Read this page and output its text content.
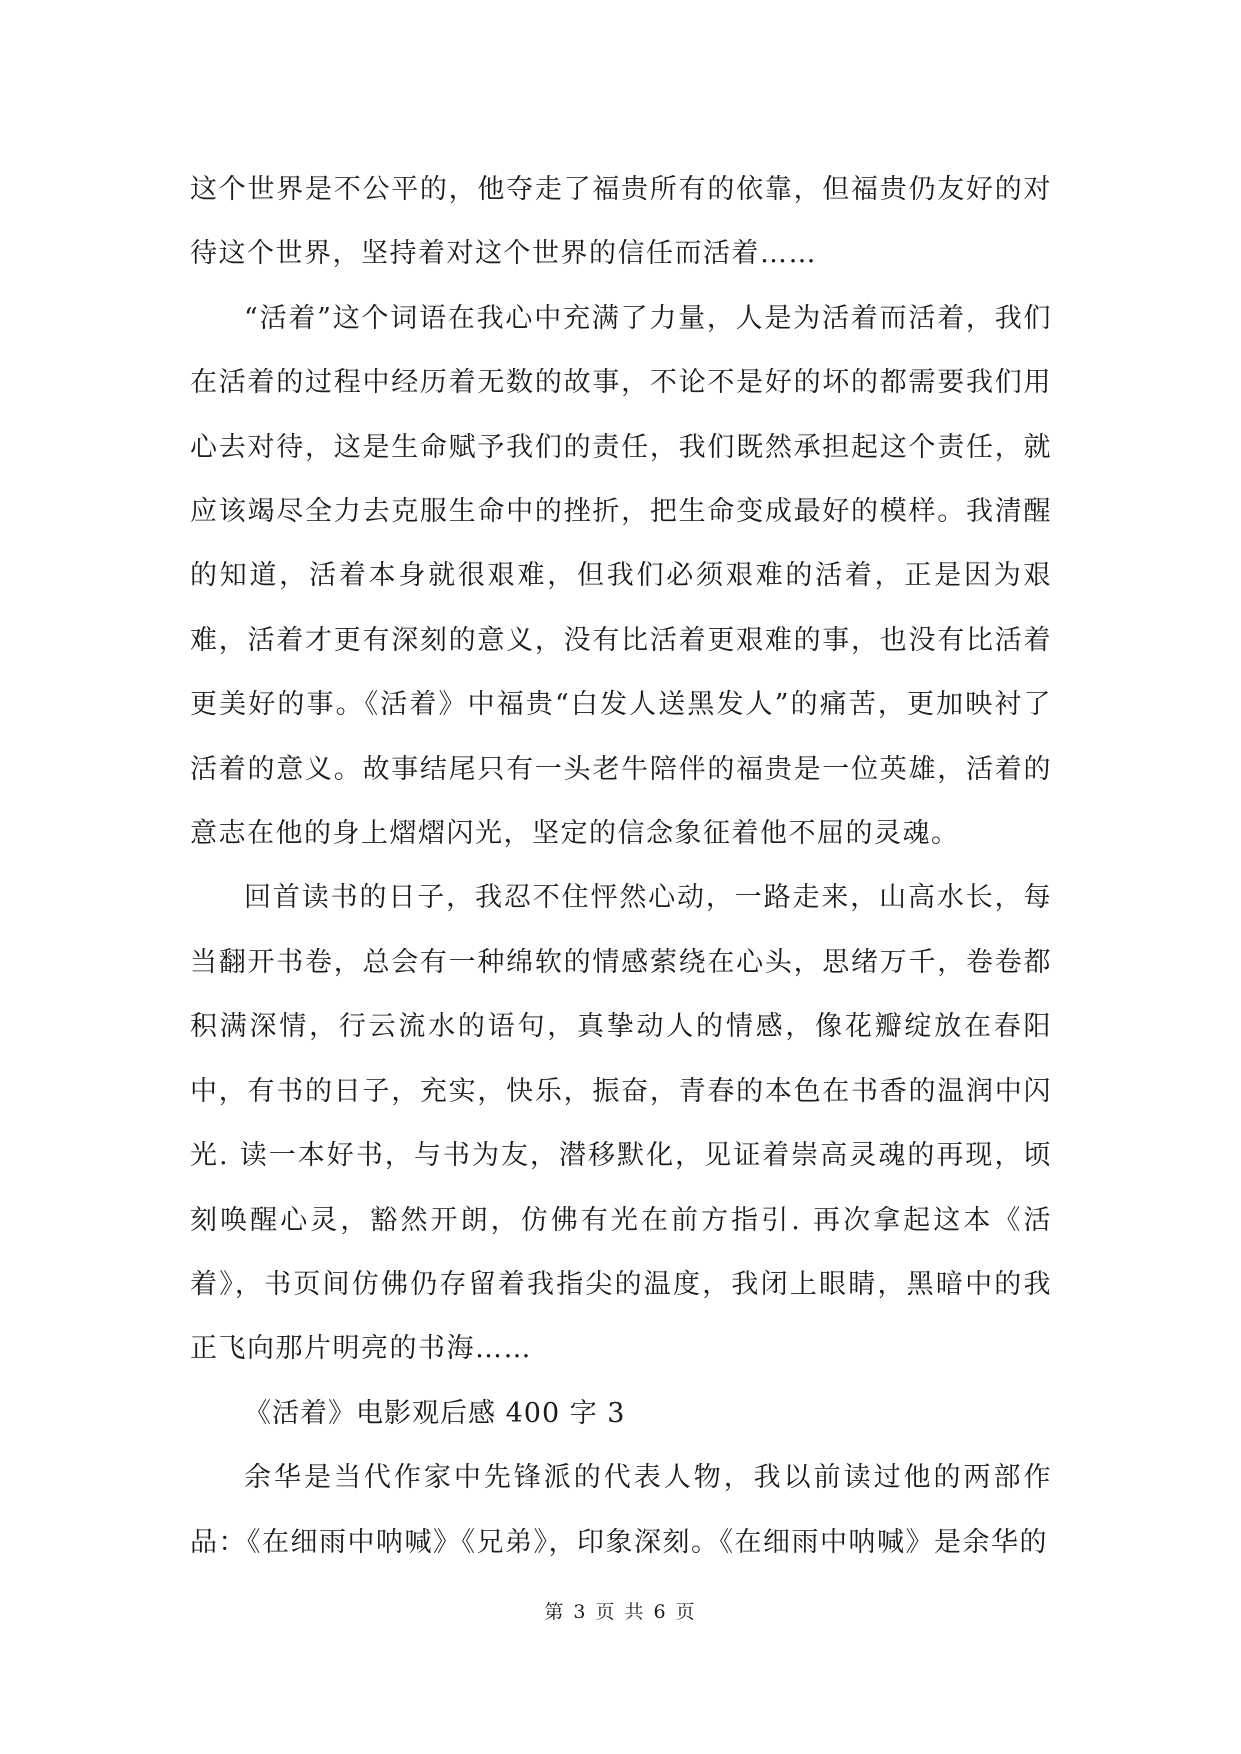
这个世界是不公平的，他夺走了福贵所有的依靠，但福贵仍友好的对待这个世界，坚持着对这个世界的信任而活着……

“活着”这个词语在我心中充满了力量，人是为活着而活着，我们在活着的过程中经历着无数的故事，不论不是好的坏的都需要我们用心去对待，这是生命赋予我们的责任，我们既然承担起这个责任，就应该竭尽全力去克服生命中的挫折，把生命变成最好的模样。我清醒的知道，活着本身就很艰难，但我们必须艰难的活着，正是因为艰难，活着才更有深刻的意义，没有比活着更艰难的事，也没有比活着更美好的事。《活着》中福贵“白发人送黑发人”的痛苦，更加映衬了活着的意义。故事结尾只有一头老牛陪伴的福贵是一位英雄，活着的意志在他的身上熠熠闪光，坚定的信念象征着他不屈的灵魂。

回首读书的日子，我忍不住怦然心动，一路走来，山高水长，每当翻开书卷，总会有一种绵软的情感萦绕在心头，思绪万千，卷卷都积满深情，行云流水的语句，真挚动人的情感，像花瓣绽放在春阳中，有书的日子，充实，快乐，振奋，青春的本色在书香的温润中闪光. 读一本好书，与书为友，潜移默化，见证着崇高灵魂的再现，顷刻唤醒心灵，豁然开朗，仿佛有光在前方指引. 再次拿起这本《活着》，书页间仿佛仍存留着我指尖的温度，我闭上眼睛，黑暗中的我正飞向那片明亮的书海……

《活着》电影观后感 400 字 3

余华是当代作家中先锋派的代表人物，我以前读过他的两部作品：《在细雨中呐喊》《兄弟》，印象深刻。《在细雨中呐喊》是余华的

第 3 页 共 6 页
